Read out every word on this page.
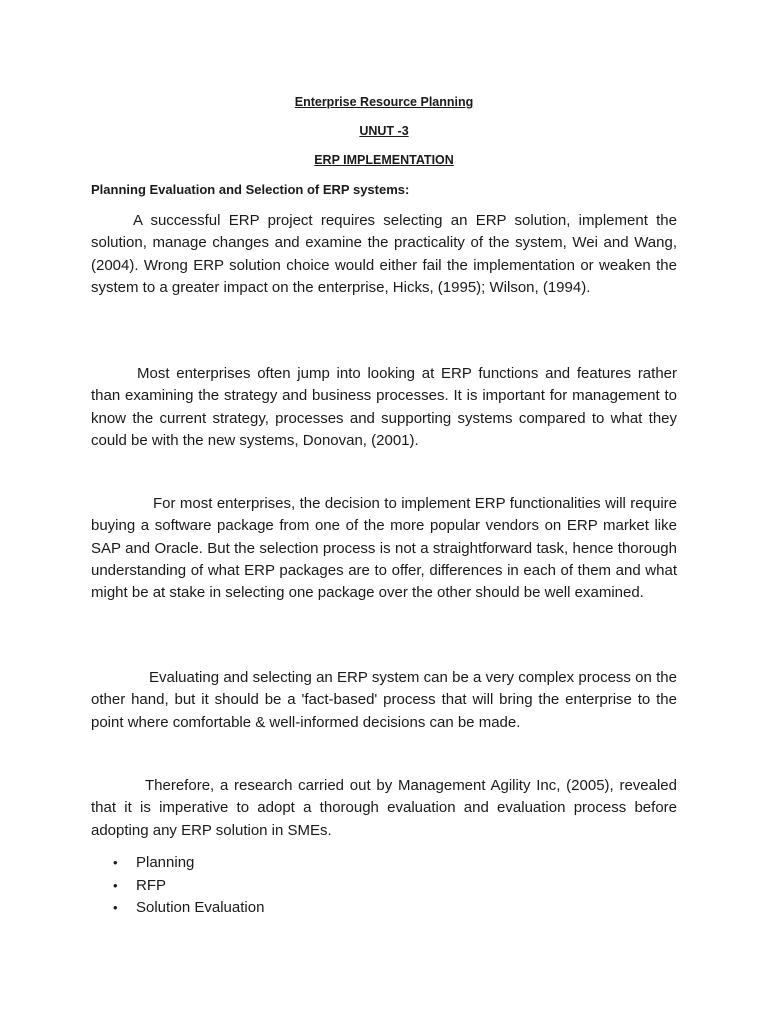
Enterprise Resource Planning
UNUT -3
ERP IMPLEMENTATION
Planning Evaluation and Selection of ERP systems:

A successful ERP project requires selecting an ERP solution, implement the solution, manage changes and examine the practicality of the system, Wei and Wang, (2004). Wrong ERP solution choice would either fail the implementation or weaken the system to a greater impact on the enterprise, Hicks, (1995); Wilson, (1994).

Most enterprises often jump into looking at ERP functions and features rather than examining the strategy and business processes. It is important for management to know the current strategy, processes and supporting systems compared to what they could be with the new systems, Donovan, (2001).

For most enterprises, the decision to implement ERP functionalities will require buying a software package from one of the more popular vendors on ERP market like SAP and Oracle. But the selection process is not a straightforward task, hence thorough understanding of what ERP packages are to offer, differences in each of them and what might be at stake in selecting one package over the other should be well examined.

Evaluating and selecting an ERP system can be a very complex process on the other hand, but it should be a 'fact-based' process that will bring the enterprise to the point where comfortable & well-informed decisions can be made.

Therefore, a research carried out by Management Agility Inc, (2005), revealed that it is imperative to adopt a thorough evaluation and evaluation process before adopting any ERP solution in SMEs.

• Planning
• RFP
• Solution Evaluation
